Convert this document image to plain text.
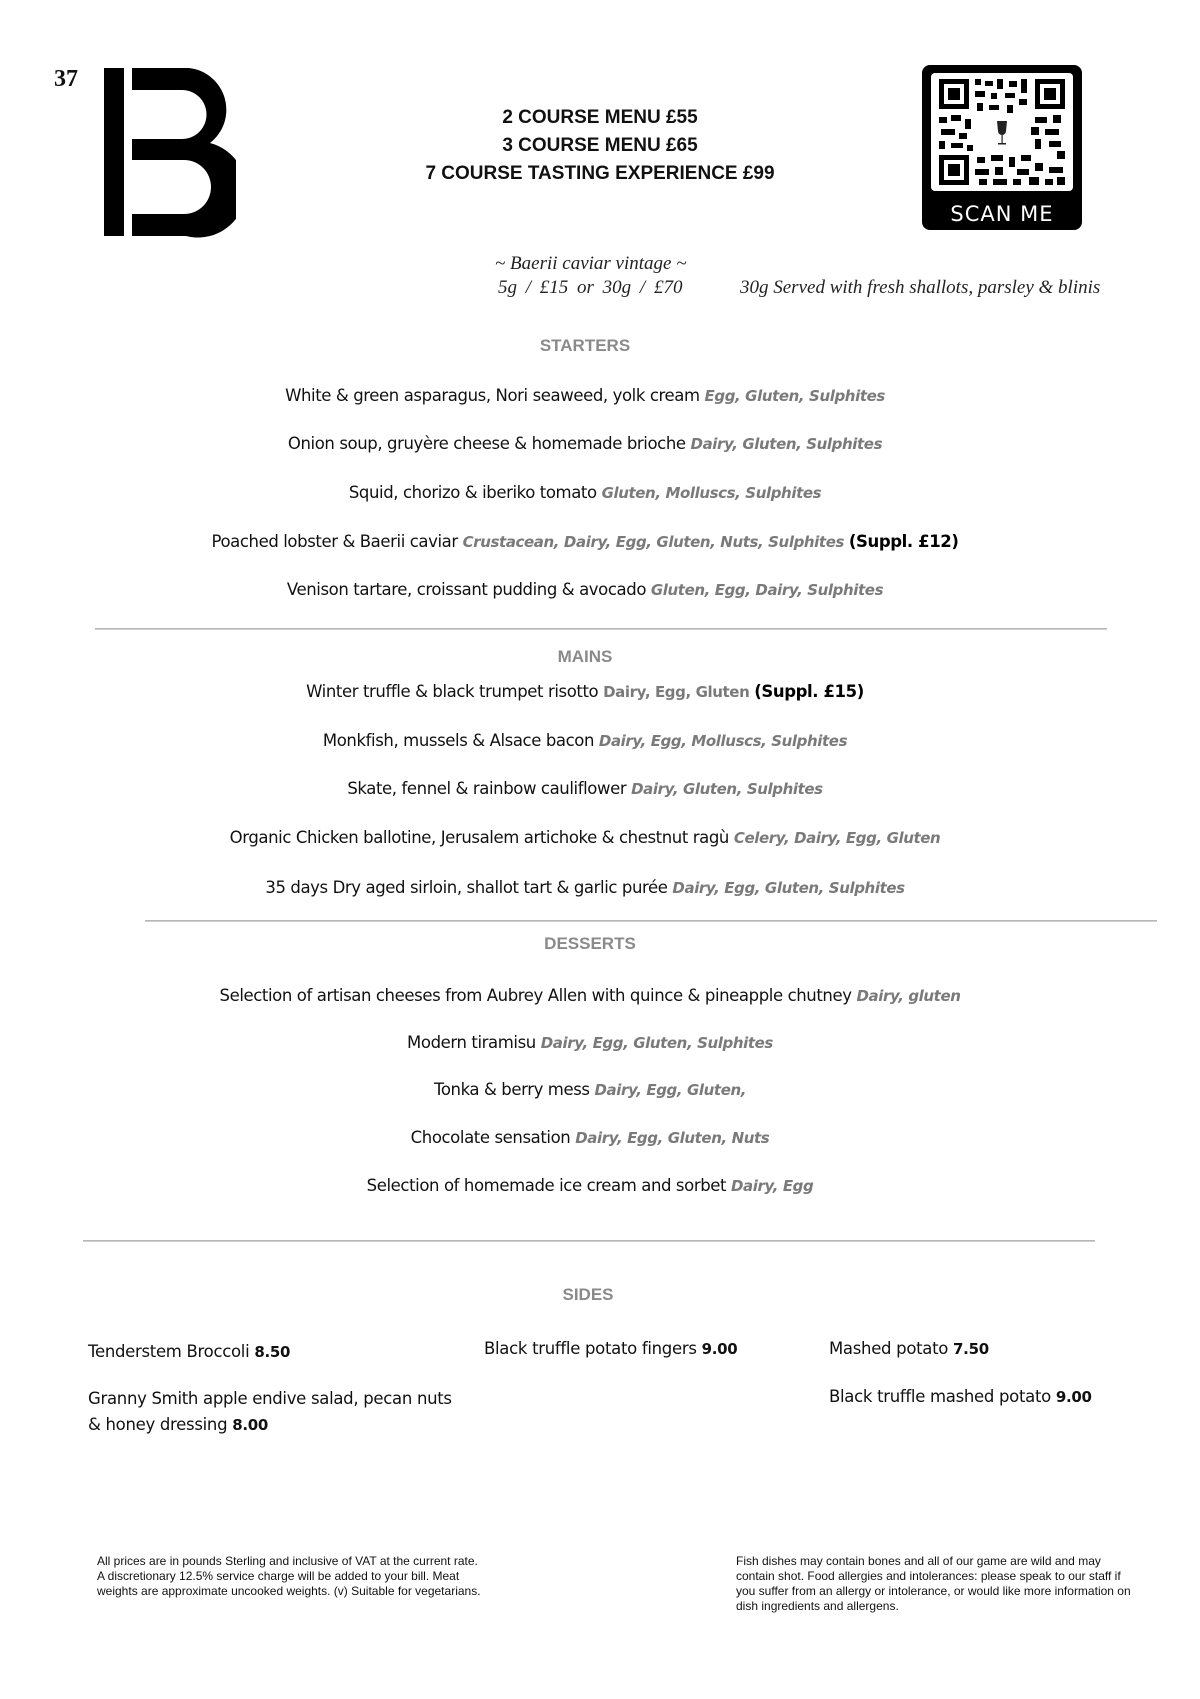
37
2 COURSE MENU £55
3 COURSE MENU £65
7 COURSE TASTING EXPERIENCE £99
SCAN ME
~ Baerii caviar vintage ~
5g / £15 or 30g / £70	30g Served with fresh shallots, parsley & blinis
STARTERS
White & green asparagus, Nori seaweed, yolk cream Egg, Gluten, Sulphites
Onion soup, gruyère cheese & homemade brioche Dairy, Gluten, Sulphites
Squid, chorizo & iberiko tomato Gluten, Molluscs, Sulphites
Poached lobster & Baerii caviar Crustacean, Dairy, Egg, Gluten, Nuts, Sulphites (Suppl. £12)
Venison tartare, croissant pudding & avocado Gluten, Egg, Dairy, Sulphites
MAINS
Winter truffle & black trumpet risotto Dairy, Egg, Gluten (Suppl. £15)
Monkfish, mussels & Alsace bacon Dairy, Egg, Molluscs, Sulphites
Skate, fennel & rainbow cauliflower Dairy, Gluten, Sulphites
Organic Chicken ballotine, Jerusalem artichoke & chestnut ragù Celery, Dairy, Egg, Gluten
35 days Dry aged sirloin, shallot tart & garlic purée Dairy, Egg, Gluten, Sulphites
DESSERTS
Selection of artisan cheeses from Aubrey Allen with quince & pineapple chutney Dairy, gluten
Modern tiramisu Dairy, Egg, Gluten, Sulphites
Tonka & berry mess Dairy, Egg, Gluten,
Chocolate sensation Dairy, Egg, Gluten, Nuts
Selection of homemade ice cream and sorbet Dairy, Egg
SIDES
Tenderstem Broccoli 8.50
Granny Smith apple endive salad, pecan nuts
& honey dressing 8.00
Black truffle potato fingers 9.00	Mashed potato 7.50
Black truffle mashed potato 9.00
All prices are in pounds Sterling and inclusive of VAT at the current rate. A discretionary 12.5% service charge will be added to your bill. Meat weights are approximate uncooked weights. (v) Suitable for vegetarians.
Fish dishes may contain bones and all of our game are wild and may contain shot. Food allergies and intolerances: please speak to our staff if you suffer from an allergy or intolerance, or would like more information on dish ingredients and allergens.
